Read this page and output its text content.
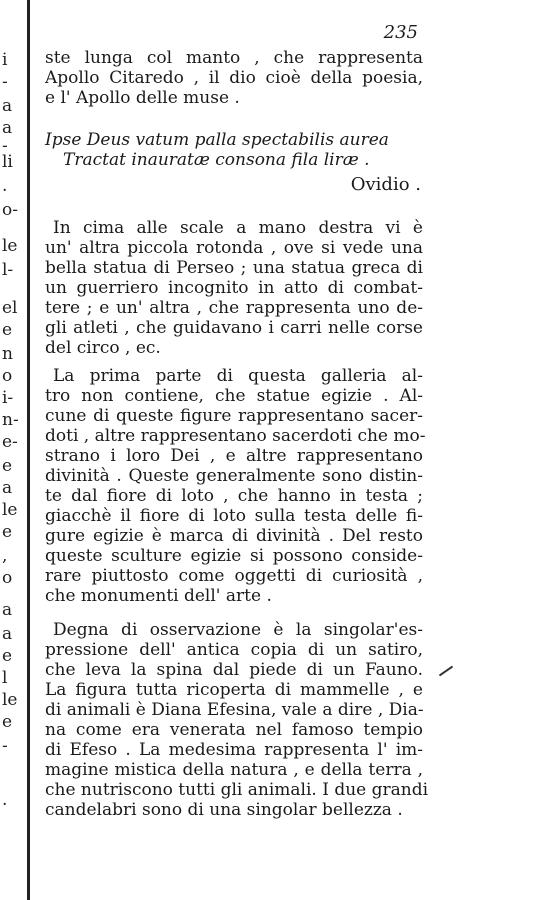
i
-
a
a
-
li
.
o-
le
l-
el
e
n
o
i-
n-
e-
e
a
le
e
,
o
a
a
e
l
le
e
-
.
235
ste lunga col manto , che rappresenta
Apollo Citaredo , il dio cioè della poesia,
e l' Apollo delle muse .
Ipse Deus vatum palla spectabilis aurea
Tractat inauratæ consona fila liræ .
Ovidio .
In cima alle scale a mano destra vi è
un' altra piccola rotonda , ove si vede una
bella statua di Perseo ; una statua greca di
un guerriero incognito in atto di combat-
tere ; e un' altra , che rappresenta uno de-
gli atleti , che guidavano i carri nelle corse
del circo , ec.
La prima parte di questa galleria al-
tro non contiene, che statue egizie . Al-
cune di queste figure rappresentano sacer-
doti , altre rappresentano sacerdoti che mo-
strano i loro Dei , e altre rappresentano
divinità . Queste generalmente sono distin-
te dal fiore di loto , che hanno in testa ;
giacchè il fiore di loto sulla testa delle fi-
gure egizie è marca di divinità . Del resto
queste sculture egizie si possono conside-
rare piuttosto come oggetti di curiosità ,
che monumenti dell' arte .
Degna di osservazione è la singolar'es-
pressione dell' antica copia di un satiro,
che leva la spina dal piede di un Fauno.
La figura tutta ricoperta di mammelle , e
di animali è Diana Efesina, vale a dire , Dia-
na come era venerata nel famoso tempio
di Efeso . La medesima rappresenta l' im-
magine mistica della natura , e della terra ,
che nutriscono tutti gli animali. I due grandi
candelabri sono di una singolar bellezza .
